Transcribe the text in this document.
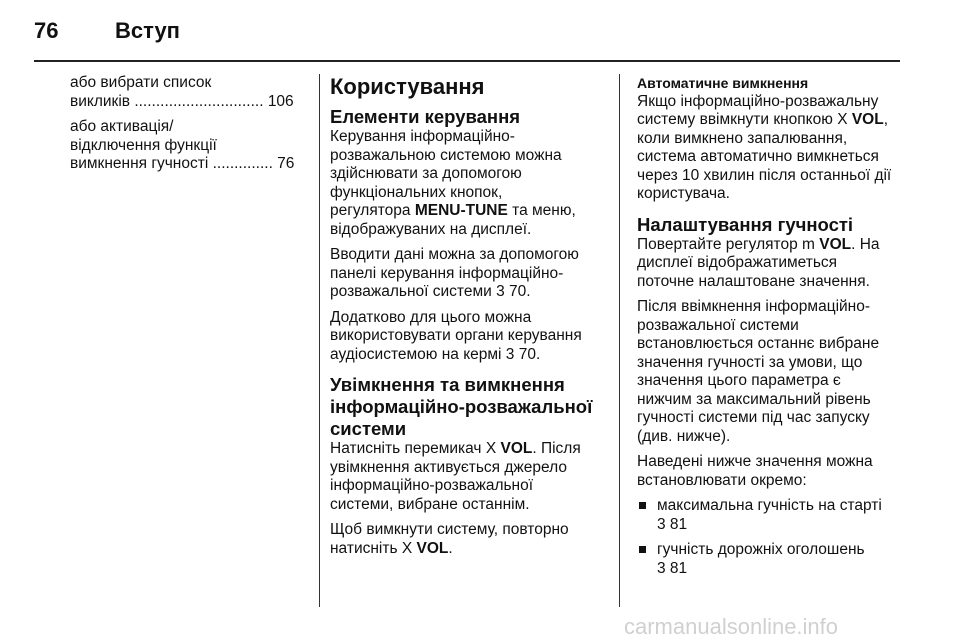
76	Вступ
або вибрати список
викликів .............................. 106
або активація/
відключення функції
вимкнення гучності .............. 76
Користування
Елементи керування
Керування інформаційно-
розважальною системою можна
здійснювати за допомогою
функціональних кнопок,
регулятора MENU-TUNE та меню,
відображуваних на дисплеї.
Вводити дані можна за допомогою
панелі керування інформаційно-
розважальної системи 3 70.
Додатково для цього можна
використовувати органи керування
аудіосистемою на кермі 3 70.
Увімкнення та вимкнення
інформаційно-розважальної
системи
Натисніть перемикач X VOL. Після
увімкнення активується джерело
інформаційно-розважальної
системи, вибране останнім.
Щоб вимкнути систему, повторно
натисніть X VOL.
Автоматичне вимкнення
Якщо інформаційно-розважальну
систему ввімкнути кнопкою X VOL,
коли вимкнено запалювання,
система автоматично вимкнеться
через 10 хвилин після останньої дії
користувача.
Налаштування гучності
Повертайте регулятор m VOL. На
дисплеї відображатиметься
поточне налаштоване значення.
Після ввімкнення інформаційно-
розважальної системи
встановлюється останнє вибране
значення гучності за умови, що
значення цього параметра є
нижчим за максимальний рівень
гучності системи під час запуску
(див. нижче).
Наведені нижче значення можна
встановлювати окремо:
максимальна гучність на старті
3 81
гучність дорожніх оголошень
3 81
carmanualsonline.info
